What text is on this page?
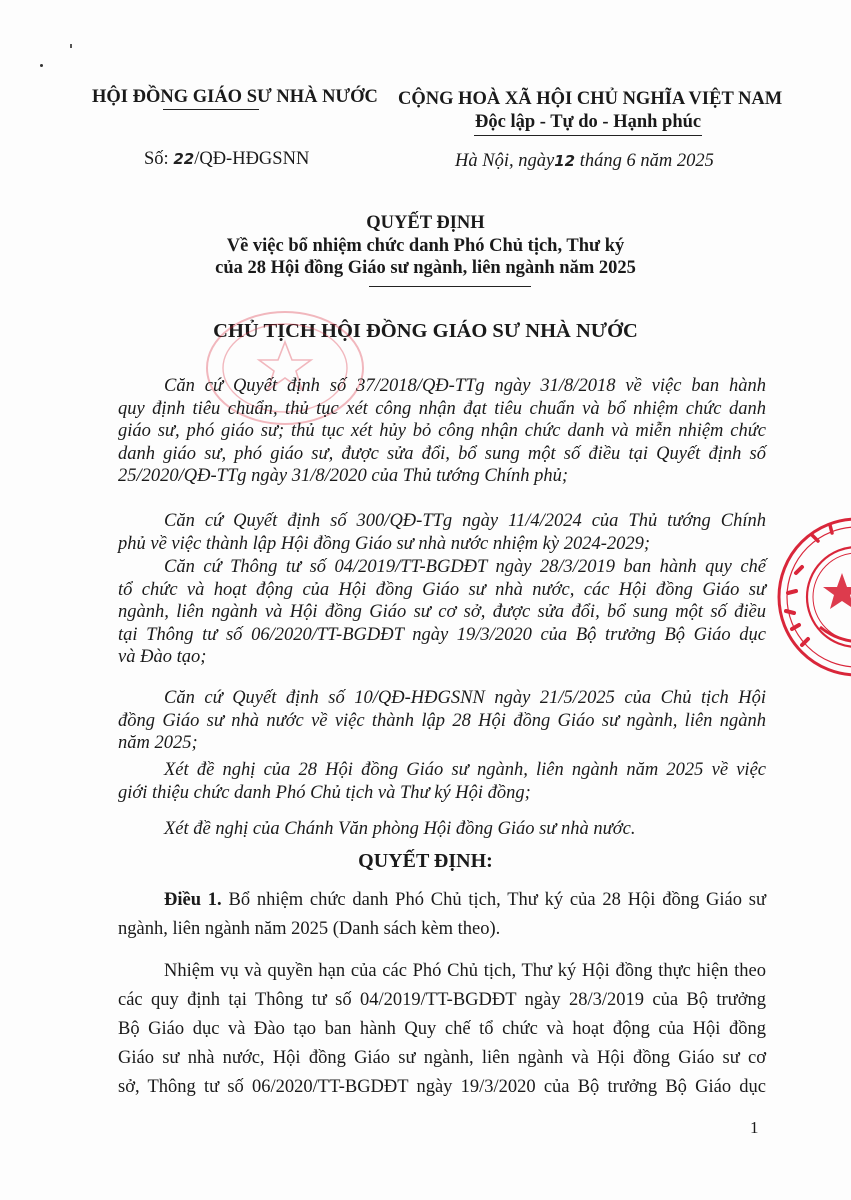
HỘI ĐỒNG GIÁO SƯ NHÀ NƯỚC CỘNG HOÀ XÃ HỘI CHỦ NGHĨA VIỆT NAM
Độc lập - Tự do - Hạnh phúc
Số: 22/QĐ-HĐGSNN	Hà Nội, ngày12 tháng 6 năm 2025
QUYẾT ĐỊNH
Về việc bổ nhiệm chức danh Phó Chủ tịch, Thư ký
của 28 Hội đồng Giáo sư ngành, liên ngành năm 2025
CHỦ TỊCH HỘI ĐỒNG GIÁO SƯ NHÀ NƯỚC
Căn cứ Quyết định số 37/2018/QĐ-TTg ngày 31/8/2018 về việc ban hành
quy định tiêu chuẩn, thủ tục xét công nhận đạt tiêu chuẩn và bổ nhiệm chức danh
giáo sư, phó giáo sư; thủ tục xét hủy bỏ công nhận chức danh và miễn nhiệm chức
danh giáo sư, phó giáo sư, được sửa đổi, bổ sung một số điều tại Quyết định số
25/2020/QĐ-TTg ngày 31/8/2020 của Thủ tướng Chính phủ;
Căn cứ Quyết định số 300/QĐ-TTg ngày 11/4/2024 của Thủ tướng Chính
phủ về việc thành lập Hội đồng Giáo sư nhà nước nhiệm kỳ 2024-2029;
Căn cứ Thông tư số 04/2019/TT-BGDĐT ngày 28/3/2019 ban hành quy chế
tổ chức và hoạt động của Hội đồng Giáo sư nhà nước, các Hội đồng Giáo sư
ngành, liên ngành và Hội đồng Giáo sư cơ sở, được sửa đổi, bổ sung một số điều
tại Thông tư số 06/2020/TT-BGDĐT ngày 19/3/2020 của Bộ trưởng Bộ Giáo dục
và Đào tạo;
Căn cứ Quyết định số 10/QĐ-HĐGSNN ngày 21/5/2025 của Chủ tịch Hội
đồng Giáo sư nhà nước về việc thành lập 28 Hội đồng Giáo sư ngành, liên ngành
năm 2025;
Xét đề nghị của 28 Hội đồng Giáo sư ngành, liên ngành năm 2025 về việc
giới thiệu chức danh Phó Chủ tịch và Thư ký Hội đồng;
Xét đề nghị của Chánh Văn phòng Hội đồng Giáo sư nhà nước.
QUYẾT ĐỊNH:
Điều 1. Bổ nhiệm chức danh Phó Chủ tịch, Thư ký của 28 Hội đồng Giáo sư
ngành, liên ngành năm 2025 (Danh sách kèm theo).
Nhiệm vụ và quyền hạn của các Phó Chủ tịch, Thư ký Hội đồng thực hiện theo
các quy định tại Thông tư số 04/2019/TT-BGDĐT ngày 28/3/2019 của Bộ trưởng
Bộ Giáo dục và Đào tạo ban hành Quy chế tổ chức và hoạt động của Hội đồng
Giáo sư nhà nước, Hội đồng Giáo sư ngành, liên ngành và Hội đồng Giáo sư cơ
sở, Thông tư số 06/2020/TT-BGDĐT ngày 19/3/2020 của Bộ trưởng Bộ Giáo dục
1
